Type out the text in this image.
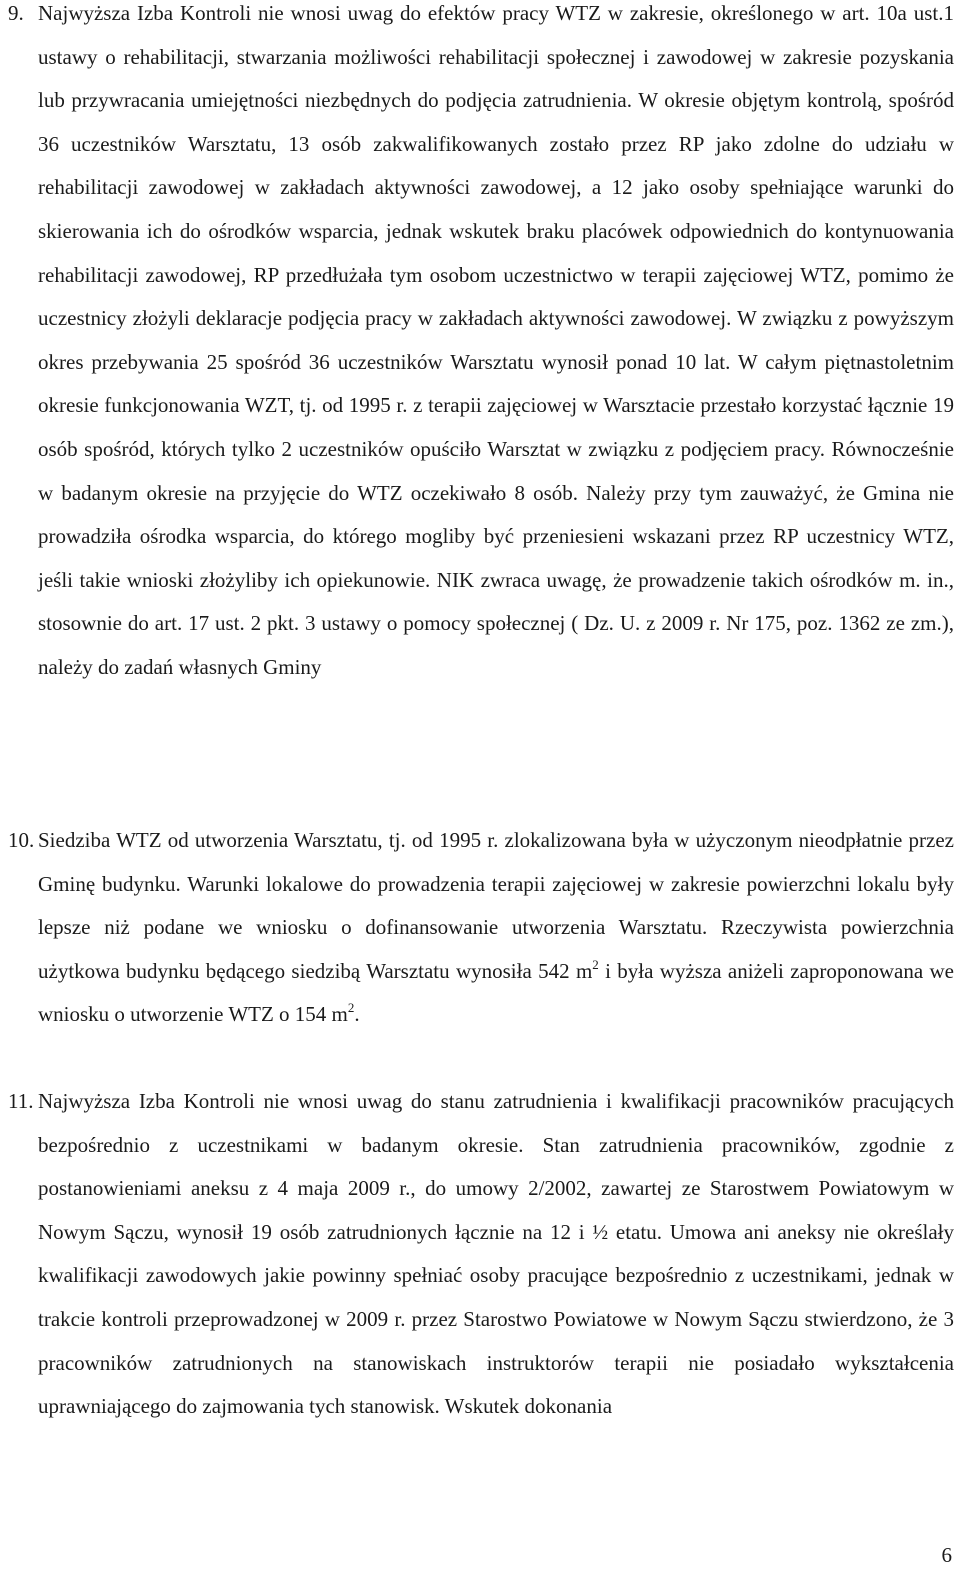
9. Najwyższa Izba Kontroli nie wnosi uwag do efektów pracy WTZ w zakresie, określonego w art. 10a ust.1 ustawy o rehabilitacji, stwarzania możliwości rehabilitacji społecznej i zawodowej w zakresie pozyskania lub przywracania umiejętności niezbędnych do podjęcia zatrudnienia. W okresie objętym kontrolą, spośród 36 uczestników Warsztatu, 13 osób zakwalifikowanych zostało przez RP jako zdolne do udziału w rehabilitacji zawodowej w zakładach aktywności zawodowej, a 12 jako osoby spełniające warunki do skierowania ich do ośrodków wsparcia, jednak wskutek braku placówek odpowiednich do kontynuowania rehabilitacji zawodowej, RP przedłużała tym osobom uczestnictwo w terapii zajęciowej WTZ, pomimo że uczestnicy złożyli deklaracje podjęcia pracy w zakładach aktywności zawodowej. W związku z powyższym okres przebywania 25 spośród 36 uczestników Warsztatu wynosił ponad 10 lat. W całym piętnastoletnim okresie funkcjonowania WZT, tj. od 1995 r. z terapii zajęciowej w Warsztacie przestało korzystać łącznie 19 osób spośród, których tylko 2 uczestników opuściło Warsztat w związku z podjęciem pracy. Równocześnie w badanym okresie na przyjęcie do WTZ oczekiwało 8 osób. Należy przy tym zauważyć, że Gmina nie prowadziła ośrodka wsparcia, do którego mogliby być przeniesieni wskazani przez RP uczestnicy WTZ, jeśli takie wnioski złożyliby ich opiekunowie. NIK zwraca uwagę, że prowadzenie takich ośrodków m. in., stosownie do art. 17 ust. 2 pkt. 3 ustawy o pomocy społecznej ( Dz. U. z 2009 r. Nr 175, poz. 1362 ze zm.), należy do zadań własnych Gminy

10. Siedziba WTZ od utworzenia Warsztatu, tj. od 1995 r. zlokalizowana była w użyczonym nieodpłatnie przez Gminę budynku. Warunki lokalowe do prowadzenia terapii zajęciowej w zakresie powierzchni lokalu były lepsze niż podane we wniosku o dofinansowanie utworzenia Warsztatu. Rzeczywista powierzchnia użytkowa budynku będącego siedzibą Warsztatu wynosiła 542 $m^2$ i była wyższa aniżeli zaproponowana we wniosku o utworzenie WTZ o 154 $m^2$.

11. Najwyższa Izba Kontroli nie wnosi uwag do stanu zatrudnienia i kwalifikacji pracowników pracujących bezpośrednio z uczestnikami w badanym okresie. Stan zatrudnienia pracowników, zgodnie z postanowieniami aneksu z 4 maja 2009 r., do umowy 2/2002, zawartej ze Starostwem Powiatowym w Nowym Sączu, wynosił 19 osób zatrudnionych łącznie na 12 i ½ etatu. Umowa ani aneksy nie określały kwalifikacji zawodowych jakie powinny spełniać osoby pracujące bezpośrednio z uczestnikami, jednak w trakcie kontroli przeprowadzonej w 2009 r. przez Starostwo Powiatowe w Nowym Sączu stwierdzono, że 3 pracowników zatrudnionych na stanowiskach instruktorów terapii nie posiadało wykształcenia uprawniającego do zajmowania tych stanowisk. Wskutek dokonania

6
